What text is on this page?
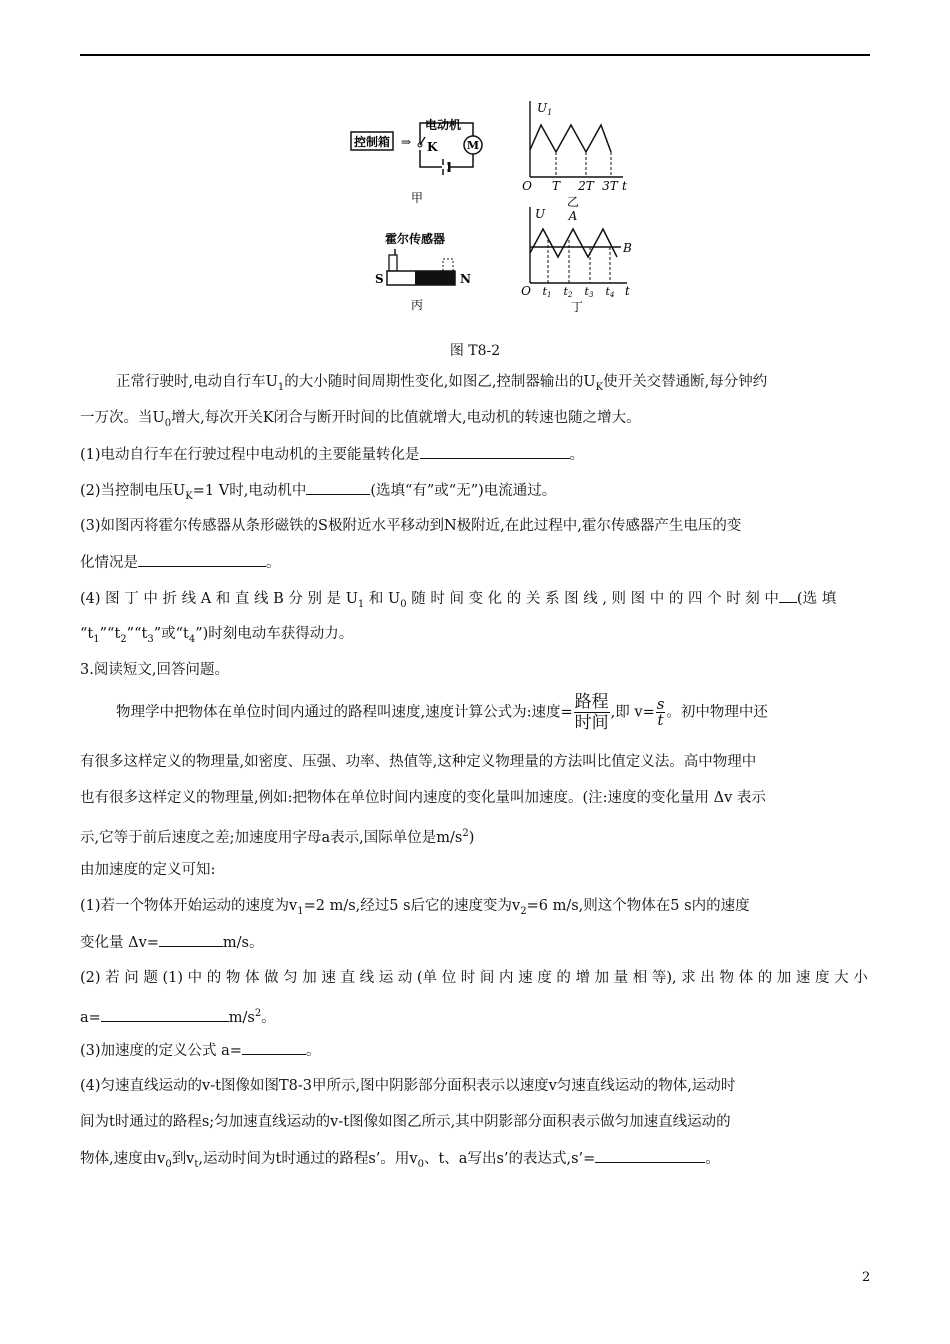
控制箱 ⇒
电动机
K	M
甲
$U_1$
O T 2T 3T t
乙
霍尔传感器
S	N
丙
U A
B
O t1 t2 t3 t4 t
丁
图 T8-2
正常行驶时,电动自行车$U_1$的大小随时间周期性变化,如图乙,控制器输出的$U_K$使开关交替通断,每分钟约
一万次。当$U_0$增大,每次开关K闭合与断开时间的比值就增大,电动机的转速也随之增大。
(1)电动自行车在行驶过程中电动机的主要能量转化是	。
(2)当控制电压$U_K=1$ V时,电动机中	(选填“有”或“无”)电流通过。
(3)如图丙将霍尔传感器从条形磁铁的S极附近水平移动到N极附近,在此过程中,霍尔传感器产生电压的变
化情况是	。
(4) 图 丁 中 折 线 A 和 直 线 B 分 别 是 $U_1$ 和 $U_0$ 随 时 间 变 化 的 关 系 图 线 , 则 图 中 的 四 个 时 刻 中 (选 填
“$t_1”“t_2”“t_3$”或“$t_4$”)时刻电动车获得动力。
3.阅读短文,回答问题。
物理学中把物体在单位时间内通过的路程叫速度,速度计算公式为:速度= $\frac{\text{路程}}{\text{时间}}$ ,即 $v= \frac{s}{t}$ 。初中物理中还
有很多这样定义的物理量,如密度、压强、功率、热值等,这种定义物理量的方法叫比值定义法。高中物理中
也有很多这样定义的物理量,例如:把物体在单位时间内速度的变化量叫加速度。(注:速度的变化量用 Δv 表示
示,它等于前后速度之差;加速度用字母a表示,国际单位是$m/s^2$)
由加速度的定义可知:
(1)若一个物体开始运动的速度为$v_1=2$ m/s,经过5 s后它的速度变为$v_2=6$ m/s,则这个物体在5 s内的速度
变化量 Δv=	m/s。
(2) 若 问 题 (1) 中 的 物 体 做 匀 加 速 直 线 运 动 (单 位 时 间 内 速 度 的 增 加 量 相 等), 求 出 物 体 的 加 速 度 大 小
a=	$m/s^2$。
(3)加速度的定义公式 a=	。
(4)匀速直线运动的v-t图像如图T8-3甲所示,图中阴影部分面积表示以速度v匀速直线运动的物体,运动时
间为t时通过的路程s;匀加速直线运动的v-t图像如图乙所示,其中阴影部分面积表示做匀加速直线运动的
物体,速度由$v_0$到$v_t$,运动时间为t时通过的路程s’。用$v_0$、t、a写出s’的表达式,s’=	。
2
